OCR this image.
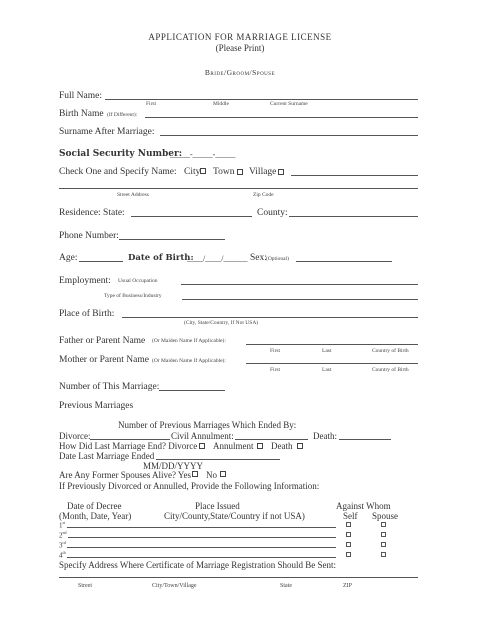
APPLICATION FOR MARRIAGE LICENSE
(Please Print)
Bride/Groom/Spouse
Full Name:
First	Middle	Current Surname
Birth Name (If Different):
Surname After Marriage:
Social Security Number:
_____-_____-_____
Check One and Specify Name: City Town Village
Street Address	Zip Code
Residence: State:	County:
Phone Number:
Age:	Date of Birth:
____/____/______ Sex: (Optional)
Employment: Usual Occupation
Type of Business/Industry
Place of Birth:
(City, State/Country, If Not USA)
Father or Parent Name (Or Maiden Name If Applicable):
First	Last	Country of Birth
Mother or Parent Name (Or Maiden Name If Applicable):
First	Last	Country of Birth
Number of This Marriage:
Previous Marriages
Number of Previous Marriages Which Ended By:
Divorce:	Civil Annulment:	Death:
How Did Last Marriage End? Divorce Annulment Death
Date Last Marriage Ended
MM/DD/YYYY
Are Any Former Spouses Alive? Yes No
If Previously Divorced or Annulled, Provide the Following Information:
Date of Decree
(Month, Date, Year)
Place Issued
City/County,State/Country if not USA)
Against Whom
Self Spouse
1st
2nd
3rd
4th
Specify Address Where Certificate of Marriage Registration Should Be Sent:
Street	City/Town/Village	State	ZIP
